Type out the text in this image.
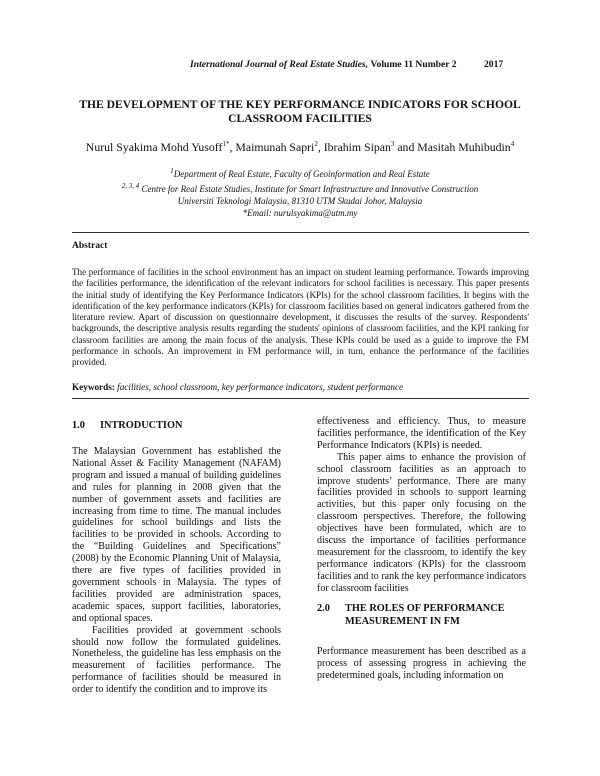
International Journal of Real Estate Studies, Volume 11 Number 2	2017
THE DEVELOPMENT OF THE KEY PERFORMANCE INDICATORS FOR SCHOOL
CLASSROOM FACILITIES
Nurul Syakima Mohd Yusoff$^{1*}$, Maimunah Sapri$^2$, Ibrahim Sipan$^3$ and Masitah Muhibudin$^4$
$^1$Department of Real Estate, Faculty of Geoinformation and Real Estate
$^{2, 3, 4}$ Centre for Real Estate Studies, Institute for Smart Infrastructure and Innovative Construction
Universiti Teknologi Malaysia, 81310 UTM Skudai Johor, Malaysia
*Email: nurulsyakima@utm.my
Abstract
The performance of facilities in the school environment has an impact on student learning performance. Towards improving the facilities performance, the identification of the relevant indicators for school facilities is necessary. This paper presents the initial study of identifying the Key Performance Indicators (KPIs) for the school classroom facilities. It begins with the identification of the key performance indicators (KPIs) for classroom facilities based on general indicators gathered from the literature review. Apart of discussion on questionnaire development, it discusses the results of the survey. Respondents' backgrounds, the descriptive analysis results regarding the students' opinions of classroom facilities, and the KPI ranking for classroom facilities are among the main focus of the analysis. These KPIs could be used as a guide to improve the FM performance in schools. An improvement in FM performance will, in turn, enhance the performance of the facilities provided.
Keywords: facilities, school classroom, key performance indicators, student performance
1.0 INTRODUCTION

The Malaysian Government has established the National Asset & Facility Management (NAFAM) program and issued a manual of building guidelines and rules for planning in 2008 given that the number of government assets and facilities are increasing from time to time. The manual includes guidelines for school buildings and lists the facilities to be provided in schools. According to the “Building Guidelines and Specifications” (2008) by the Economic Planning Unit of Malaysia, there are five types of facilities provided in government schools in Malaysia. The types of facilities provided are administration spaces, academic spaces, support facilities, laboratories, and optional spaces.

Facilities provided at government schools should now follow the formulated guidelines. Nonetheless, the guideline has less emphasis on the measurement of facilities performance. The performance of facilities should be measured in order to identify the condition and to improve its

effectiveness and efficiency. Thus, to measure facilities performance, the identification of the Key Performance Indicators (KPIs) is needed.

This paper aims to enhance the provision of school classroom facilities as an approach to improve students’ performance. There are many facilities provided in schools to support learning activities, but this paper only focusing on the classroom perspectives. Therefore, the following objectives have been formulated, which are to discuss the importance of facilities performance measurement for the classroom, to identify the key performance indicators (KPIs) for the classroom facilities and to rank the key performance indicators for classroom facilities

2.0 THE ROLES OF PERFORMANCE MEASUREMENT IN FM

Performance measurement has been described as a process of assessing progress in achieving the predetermined goals, including information on
